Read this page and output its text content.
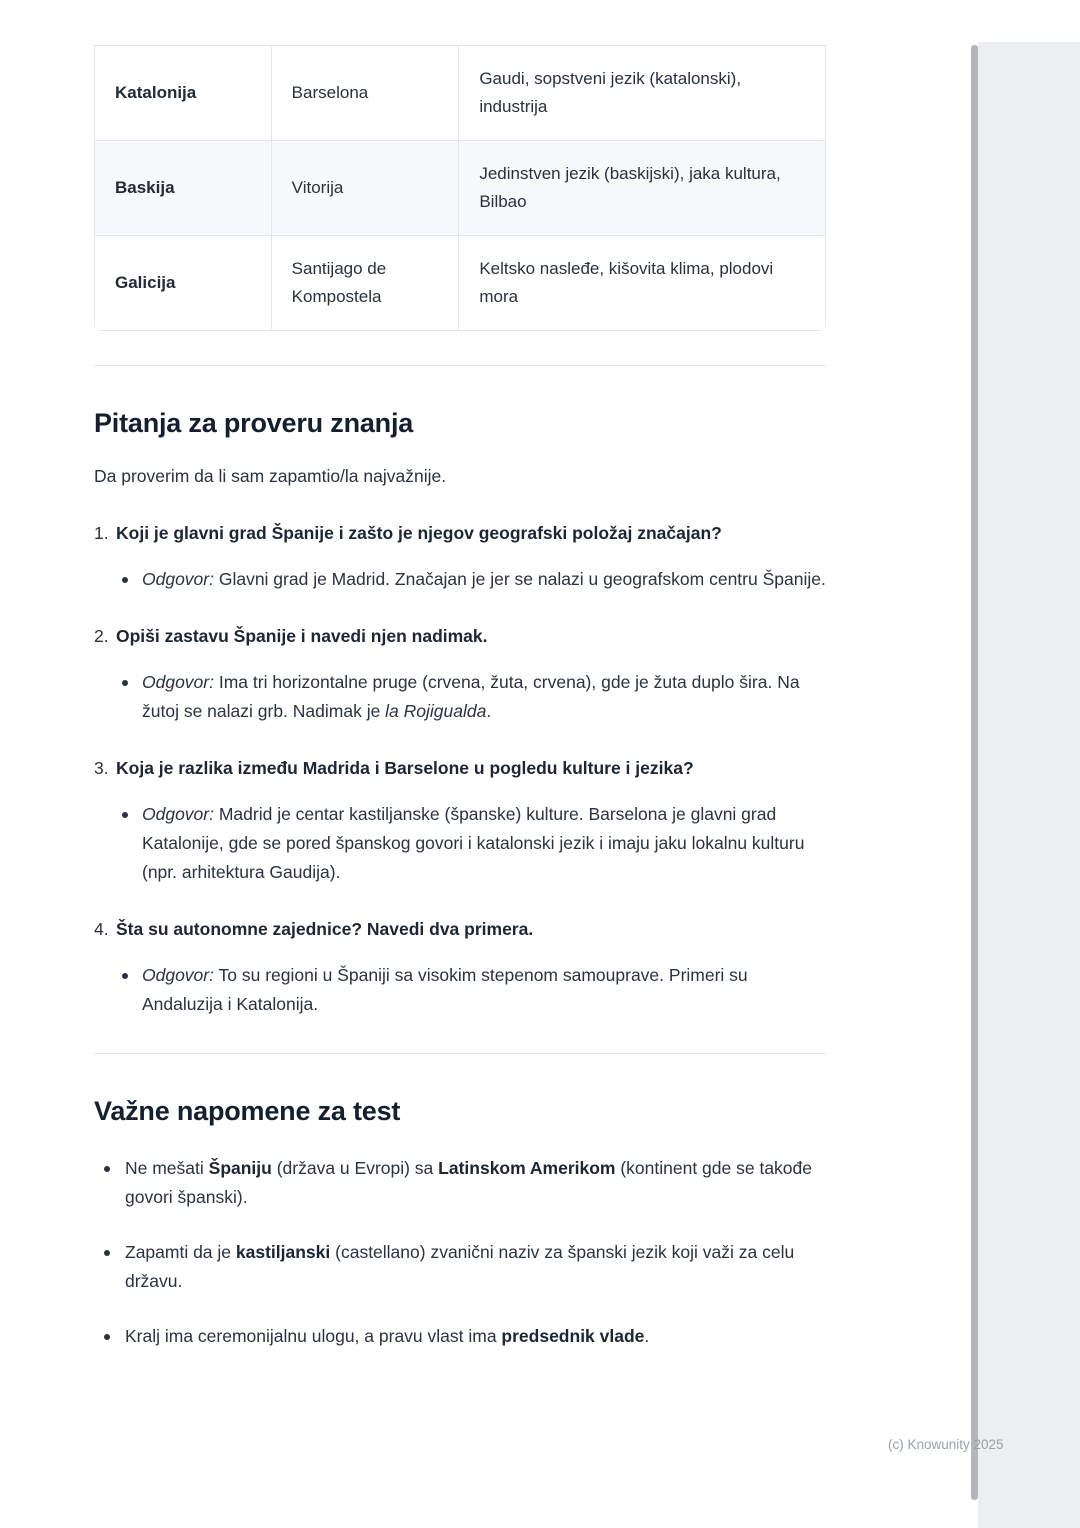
Katalonija	Barselona	Gaudi, sopstveni jezik (katalonski), industrija
Baskija	Vitorija	Jedinstven jezik (baskijski), jaka kultura, Bilbao
Galicija	Santijago de Kompostela	Keltsko nasleđe, kišovita klima, plodovi mora
Pitanja za proveru znanja

Da proverim da li sam zapamtio/la najvažnije.

1. Koji je glavni grad Španije i zašto je njegov geografski položaj značajan?

Odgovor: Glavni grad je Madrid. Značajan je jer se nalazi u geografskom centru Španije.

2. Opiši zastavu Španije i navedi njen nadimak.

Odgovor: Ima tri horizontalne pruge (crvena, žuta, crvena), gde je žuta duplo šira. Na žutoj se nalazi grb. Nadimak je la Rojigualda.

3. Koja je razlika između Madrida i Barselone u pogledu kulture i jezika?

Odgovor: Madrid je centar kastiljanske (španske) kulture. Barselona je glavni grad Katalonije, gde se pored španskog govori i katalonski jezik i imaju jaku lokalnu kulturu (npr. arhitektura Gaudija).

4. Šta su autonomne zajednice? Navedi dva primera.

Odgovor: To su regioni u Španiji sa visokim stepenom samouprave. Primeri su Andaluzija i Katalonija.

Važne napomene za test

Ne mešati Španiju (država u Evropi) sa Latinskom Amerikom (kontinent gde se takođe govori španski).

Zapamti da je kastiljanski (castellano) zvanični naziv za španski jezik koji važi za celu državu.

Kralj ima ceremonijalnu ulogu, a pravu vlast ima predsednik vlade.

(c) Knowunity 2025
